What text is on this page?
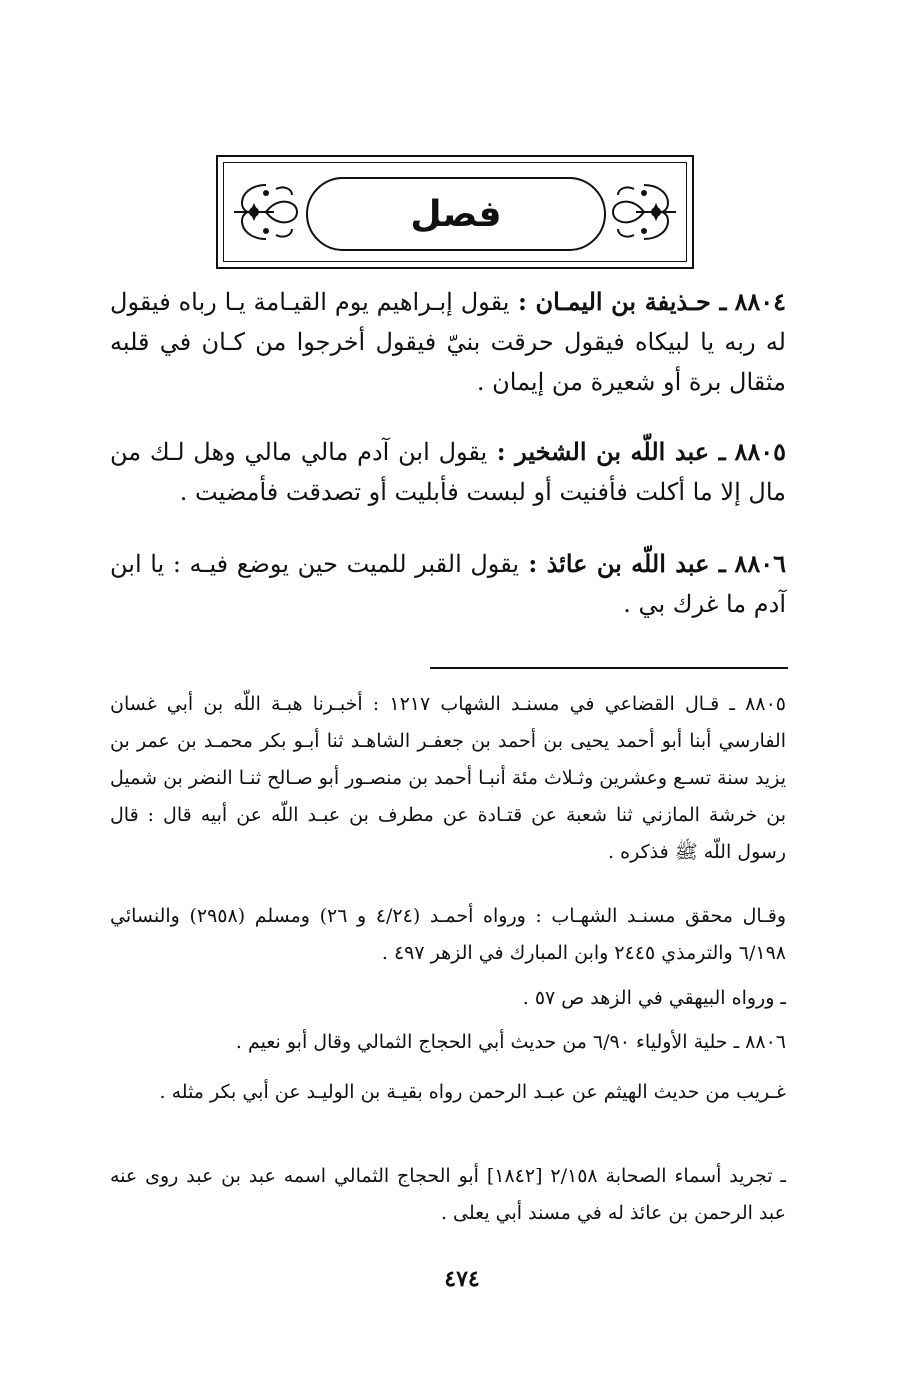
فصل

٨٨٠٤ ـ حـذيفة بن اليمـان : يقول إبـراهيم يوم القيـامة يـا رباه فيقول له ربه يا لبيكاه فيقول حرقت بنيّ فيقول أخرجوا من كـان في قلبه مثقال برة أو شعيرة من إيمان .

٨٨٠٥ ـ عبد اللّه بن الشخير : يقول ابن آدم مالي مالي وهل لـك من مال إلا ما أكلت فأفنيت أو لبست فأبليت أو تصدقت فأمضيت .

٨٨٠٦ ـ عبد اللّه بن عائذ : يقول القبر للميت حين يوضع فيـه : يا ابن آدم ما غرك بي .

٨٨٠٥ ـ قـال القضاعي في مسنـد الشهاب ١٢١٧ : أخبـرنا هبـة اللّه بن أبي غسان الفارسي أبنا أبو أحمد يحيى بن أحمد بن جعفـر الشاهـد ثنا أبـو بكر محمـد بن عمر بن يزيد سنة تسـع وعشرين وثـلاث مئة أنبـا أحمد بن منصـور أبو صـالح ثنـا النضر بن شميل بن خرشة المازني ثنا شعبة عن قتـادة عن مطرف بن عبـد اللّه عن أبيه قال : قال رسول اللّه ﷺ فذكره .

وقـال محقق مسنـد الشهـاب : ورواه أحمـد (٤/٢٤ و ٢٦) ومسلم (٢٩٥٨) والنسائي ٦/١٩٨ والترمذي ٢٤٤٥ وابن المبارك في الزهر ٤٩٧ .

ـ ورواه البيهقي في الزهد ص ٥٧ .

٨٨٠٦ ـ حلية الأولياء ٦/٩٠ من حديث أبي الحجاج الثمالي وقال أبو نعيم .

غـريب من حديث الهيثم عن عبـد الرحمن رواه بقيـة بن الوليـد عن أبي بكر مثله .

ـ تجريد أسماء الصحابة ٢/١٥٨ [١٨٤٢] أبو الحجاج الثمالي اسمه عبد بن عبد روى عنه عبد الرحمن بن عائذ له في مسند أبي يعلى .

٤٧٤
